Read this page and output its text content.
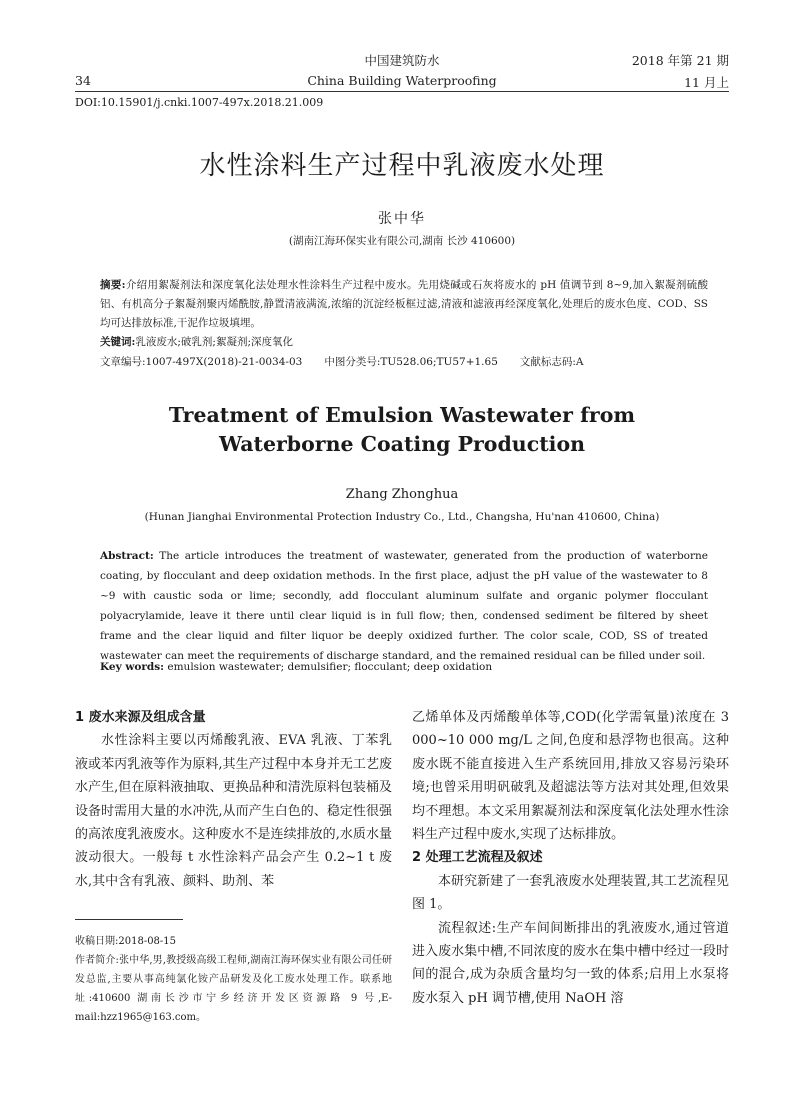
34
中国建筑防水
China Building Waterproofing
2018 年第 21 期
11 月上
DOI:10.15901/j.cnki.1007-497x.2018.21.009
水性涂料生产过程中乳液废水处理
张中华
(湖南江海环保实业有限公司,湖南 长沙 410600)
摘要:介绍用絮凝剂法和深度氧化法处理水性涂料生产过程中废水。先用烧碱或石灰将废水的 pH 值调节到 8~9,加入絮凝剂硫酸铝、有机高分子絮凝剂聚丙烯酰胺,静置清液满流,浓缩的沉淀经板框过滤,清液和滤液再经深度氧化,处理后的废水色度、COD、SS 均可达排放标准,干泥作垃圾填埋。
关键词:乳液废水;破乳剂;絮凝剂;深度氧化
文章编号:1007-497X(2018)-21-0034-03 中图分类号:TU528.06;TU57+1.65 文献标志码:A
Treatment of Emulsion Wastewater from
Waterborne Coating Production
Zhang Zhonghua
(Hunan Jianghai Environmental Protection Industry Co., Ltd., Changsha, Hu'nan 410600, China)
Abstract: The article introduces the treatment of wastewater, generated from the production of waterborne coating, by flocculant and deep oxidation methods. In the first place, adjust the pH value of the wastewater to 8 ~9 with caustic soda or lime; secondly, add flocculant aluminum sulfate and organic polymer flocculant polyacrylamide, leave it there until clear liquid is in full flow; then, condensed sediment be filtered by sheet frame and the clear liquid and filter liquor be deeply oxidized further. The color scale, COD, SS of treated wastewater can meet the requirements of discharge standard, and the remained residual can be filled under soil.
Key words: emulsion wastewater; demulsifier; flocculant; deep oxidation
1 废水来源及组成含量

水性涂料主要以丙烯酸乳液、EVA 乳液、丁苯乳液或苯丙乳液等作为原料,其生产过程中本身并无工艺废水产生,但在原料液抽取、更换品种和清洗原料包装桶及设备时需用大量的水冲洗,从而产生白色的、稳定性很强的高浓度乳液废水。这种废水不是连续排放的,水质水量波动很大。一般每 t 水性涂料产品会产生 0.2~1 t 废水,其中含有乳液、颜料、助剂、苯

乙烯单体及丙烯酸单体等,COD(化学需氧量)浓度在 3 000~10 000 mg/L 之间,色度和悬浮物也很高。这种废水既不能直接进入生产系统回用,排放又容易污染环境;也曾采用明矾破乳及超滤法等方法对其处理,但效果均不理想。本文采用絮凝剂法和深度氧化法处理水性涂料生产过程中废水,实现了达标排放。

2 处理工艺流程及叙述

本研究新建了一套乳液废水处理装置,其工艺流程见图 1。

流程叙述:生产车间间断排出的乳液废水,通过管道进入废水集中槽,不同浓度的废水在集中槽中经过一段时间的混合,成为杂质含量均匀一致的体系;启用上水泵将废水泵入 pH 调节槽,使用 NaOH 溶

收稿日期:2018-08-15

作者简介:张中华,男,教授级高级工程师,湖南江海环保实业有限公司任研发总监,主要从事高纯氯化铵产品研发及化工废水处理工作。联系地址:410600 湖南长沙市宁乡经济开发区资源路 9 号,E-mail:hzz1965@163.com。
